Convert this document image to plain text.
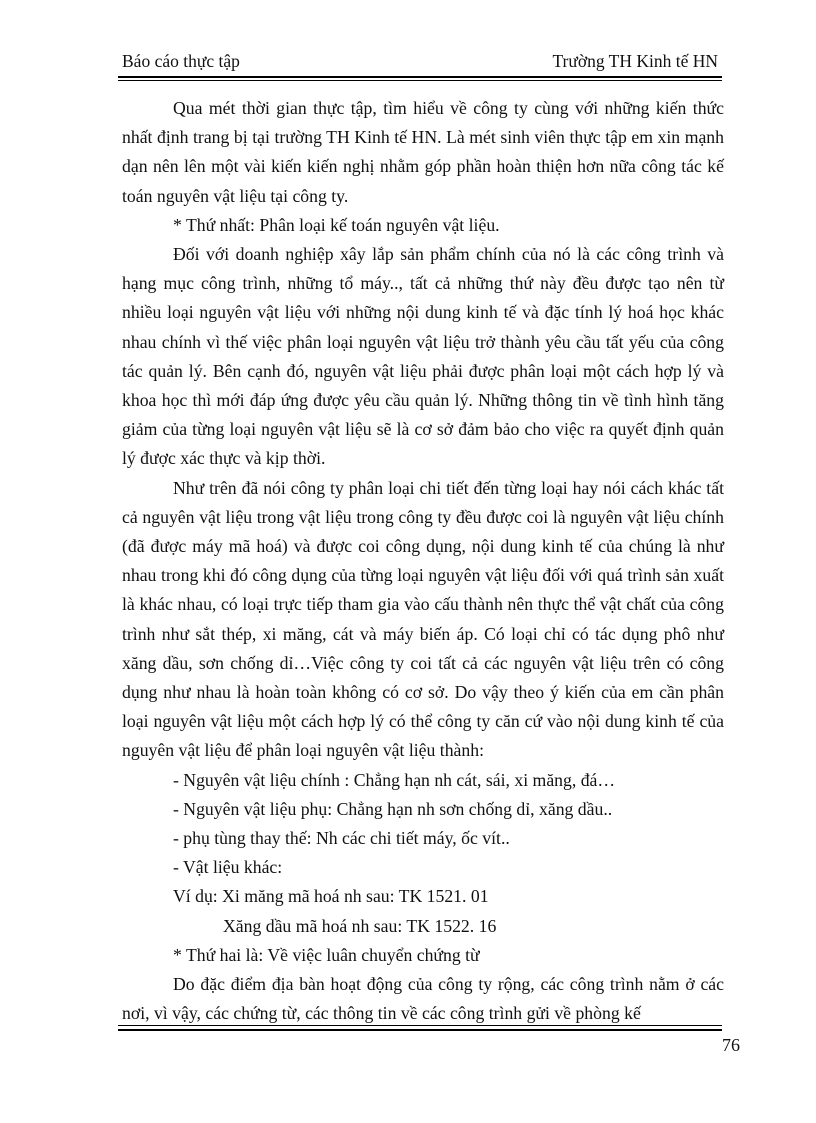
Báo cáo thực tập	Trường TH Kinh tế HN

Qua mét thời gian thực tập, tìm hiểu về công ty cùng với những kiến thức nhất định trang bị tại trường TH Kinh tế HN. Là mét sinh viên thực tập em xin mạnh dạn nên lên một vài kiến kiến nghị nhằm góp phần hoàn thiện hơn nữa công tác kế toán nguyên vật liệu tại công ty.

* Thứ nhất: Phân loại kế toán nguyên vật liệu.

Đối với doanh nghiệp xây lắp sản phẩm chính của nó là các công trình và hạng mục công trình, những tổ máy.., tất cả những thứ này đều được tạo nên từ nhiều loại nguyên vật liệu với những nội dung kinh tế và đặc tính lý hoá học khác nhau chính vì thế việc phân loại nguyên vật liệu trở thành yêu cầu tất yếu của công tác quản lý. Bên cạnh đó, nguyên vật liệu phải được phân loại một cách hợp lý và khoa học thì mới đáp ứng được yêu cầu quản lý. Những thông tin về tình hình tăng giảm của từng loại nguyên vật liệu sẽ là cơ sở đảm bảo cho việc ra quyết định quản lý được xác thực và kịp thời.

Như trên đã nói công ty phân loại chi tiết đến từng loại hay nói cách khác tất cả nguyên vật liệu trong vật liệu trong công ty đều được coi là nguyên vật liệu chính (đã được máy mã hoá) và được coi công dụng, nội dung kinh tế của chúng là như nhau trong khi đó công dụng của từng loại nguyên vật liệu đối với quá trình sản xuất là khác nhau, có loại trực tiếp tham gia vào cấu thành nên thực thể vật chất của công trình như sắt thép, xi măng, cát và máy biến áp. Có loại chỉ có tác dụng phô như xăng dầu, sơn chống dỉ…Việc công ty coi tất cả các nguyên vật liệu trên có công dụng như nhau là hoàn toàn không có cơ sở. Do vậy theo ý kiến của em cần phân loại nguyên vật liệu một cách hợp lý có thể công ty căn cứ vào nội dung kinh tế của nguyên vật liệu để phân loại nguyên vật liệu thành:

- Nguyên vật liệu chính : Chẳng hạn nh cát, sái, xi măng, đá…

- Nguyên vật liệu phụ: Chẳng hạn nh sơn chống dỉ, xăng dầu..

- phụ tùng thay thế: Nh các chi tiết máy, ốc vít..

- Vật liệu khác:

Ví dụ: Xi măng mã hoá nh sau: TK 1521. 01

Xăng dầu mã hoá nh sau: TK 1522. 16

* Thứ hai là: Về việc luân chuyển chứng từ

Do đặc điểm địa bàn hoạt động của công ty rộng, các công trình nằm ở các nơi, vì vậy, các chứng từ, các thông tin về các công trình gửi về phòng kế

76
